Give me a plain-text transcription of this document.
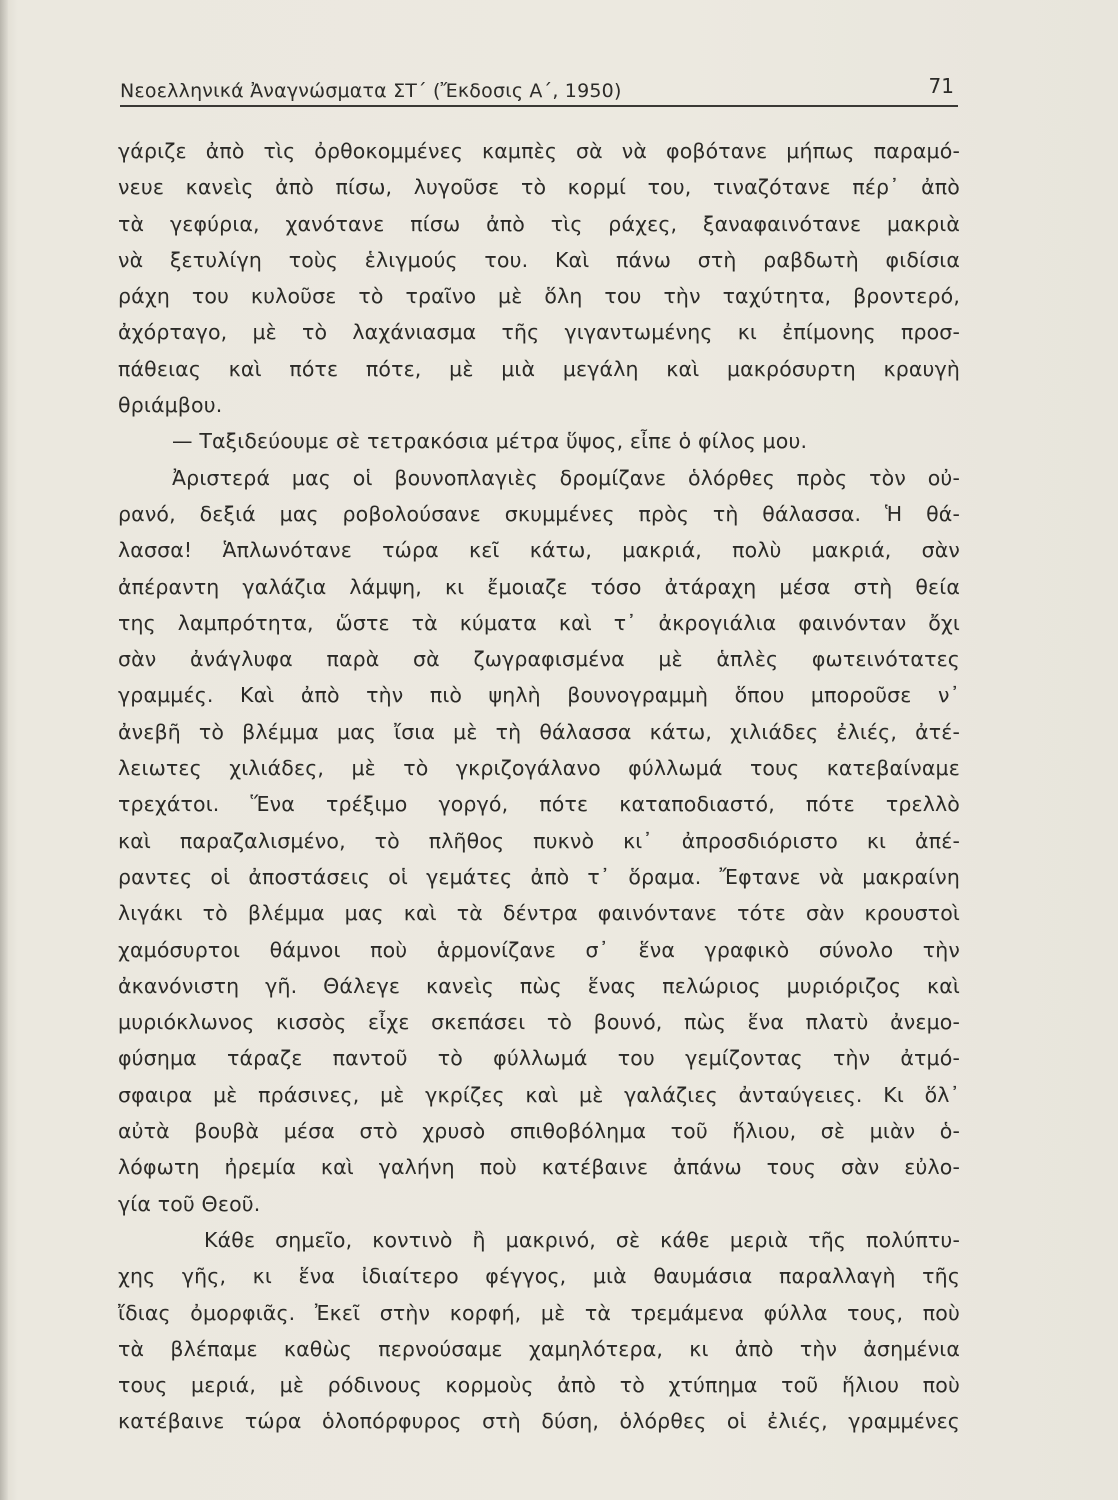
Νεοελληνικά Ἀναγνώσματα ΣΤ΄ (Ἔκδοσις Α΄, 1950)	71
γάριζε ἀπὸ τὶς ὀρθοκομμένες καμπὲς σὰ νὰ φοβότανε μήπως παραμό-
νευε κανεὶς ἀπὸ πίσω, λυγοῦσε τὸ κορμί του, τιναζότανε πέρ᾿ ἀπὸ
τὰ γεφύρια, χανότανε πίσω ἀπὸ τὶς ράχες, ξαναφαινότανε μακριὰ
νὰ ξετυλίγη τοὺς ἑλιγμούς του. Καὶ πάνω στὴ ραβδωτὴ φιδίσια
ράχη του κυλοῦσε τὸ τραῖνο μὲ ὅλη του τὴν ταχύτητα, βροντερό,
ἀχόρταγο, μὲ τὸ λαχάνιασμα τῆς γιγαντωμένης κι ἐπίμονης προσ-
πάθειας καὶ πότε πότε, μὲ μιὰ μεγάλη καὶ μακρόσυρτη κραυγὴ
θριάμβου.
— Ταξιδεύουμε σὲ τετρακόσια μέτρα ὕψος, εἶπε ὁ φίλος μου.
Ἀριστερά μας οἱ βουνοπλαγιὲς δρομίζανε ὁλόρθες πρὸς τὸν οὐ-
ρανό, δεξιά μας ροβολούσανε σκυμμένες πρὸς τὴ θάλασσα. Ἡ θά-
λασσα! Ἁπλωνότανε τώρα κεῖ κάτω, μακριά, πολὺ μακριά, σὰν
ἀπέραντη γαλάζια λάμψη, κι ἔμοιαζε τόσο ἀτάραχη μέσα στὴ θεία
της λαμπρότητα, ὥστε τὰ κύματα καὶ τ᾿ ἀκρογιάλια φαινόνταν ὄχι
σὰν ἀνάγλυφα παρὰ σὰ ζωγραφισμένα μὲ ἁπλὲς φωτεινότατες
γραμμές. Καὶ ἀπὸ τὴν πιὸ ψηλὴ βουνογραμμὴ ὅπου μποροῦσε ν᾿
ἀνεβῆ τὸ βλέμμα μας ἴσια μὲ τὴ θάλασσα κάτω, χιλιάδες ἐλιές, ἀτέ-
λειωτες χιλιάδες, μὲ τὸ γκριζογάλανο φύλλωμά τους κατεβαίναμε
τρεχάτοι. Ἕνα τρέξιμο γοργό, πότε καταποδιαστό, πότε τρελλὸ
καὶ παραζαλισμένο, τὸ πλῆθος πυκνὸ κι᾿ ἀπροσδιόριστο κι ἀπέ-
ραντες οἱ ἀποστάσεις οἱ γεμάτες ἀπὸ τ᾿ ὅραμα. Ἔφτανε νὰ μακραίνη
λιγάκι τὸ βλέμμα μας καὶ τὰ δέντρα φαινόντανε τότε σὰν κρουστοὶ
χαμόσυρτοι θάμνοι ποὺ ἁρμονίζανε σ᾿ ἕνα γραφικὸ σύνολο τὴν
ἀκανόνιστη γῆ. Θάλεγε κανεὶς πὼς ἕνας πελώριος μυριόριζος καὶ
μυριόκλωνος κισσὸς εἶχε σκεπάσει τὸ βουνό, πὼς ἕνα πλατὺ ἀνεμο-
φύσημα τάραζε παντοῦ τὸ φύλλωμά του γεμίζοντας τὴν ἀτμό-
σφαιρα μὲ πράσινες, μὲ γκρίζες καὶ μὲ γαλάζιες ἀνταύγειες. Κι ὅλ᾿
αὐτὰ βουβὰ μέσα στὸ χρυσὸ σπιθοβόλημα τοῦ ἥλιου, σὲ μιὰν ὁ-
λόφωτη ἠρεμία καὶ γαλήνη ποὺ κατέβαινε ἀπάνω τους σὰν εὐλο-
γία τοῦ Θεοῦ.
Κάθε σημεῖο, κοντινὸ ἢ μακρινό, σὲ κάθε μεριὰ τῆς πολύπτυ-
χης γῆς, κι ἕνα ἰδιαίτερο φέγγος, μιὰ θαυμάσια παραλλαγὴ τῆς
ἴδιας ὀμορφιᾶς. Ἐκεῖ στὴν κορφή, μὲ τὰ τρεμάμενα φύλλα τους, ποὺ
τὰ βλέπαμε καθὼς περνούσαμε χαμηλότερα, κι ἀπὸ τὴν ἀσημένια
τους μεριά, μὲ ρόδινους κορμοὺς ἀπὸ τὸ χτύπημα τοῦ ἥλιου ποὺ
κατέβαινε τώρα ὁλοπόρφυρος στὴ δύση, ὁλόρθες οἱ ἐλιές, γραμμένες
